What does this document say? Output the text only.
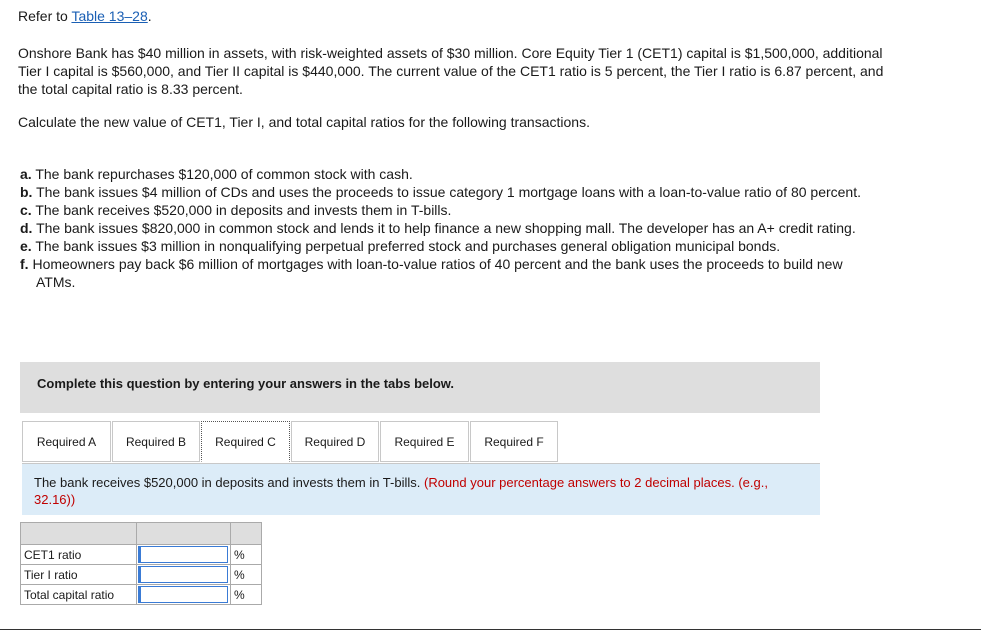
Refer to Table 13–28.

Onshore Bank has $40 million in assets, with risk-weighted assets of $30 million. Core Equity Tier 1 (CET1) capital is $1,500,000, additional Tier I capital is $560,000, and Tier II capital is $440,000. The current value of the CET1 ratio is 5 percent, the Tier I ratio is 6.87 percent, and the total capital ratio is 8.33 percent.

Calculate the new value of CET1, Tier I, and total capital ratios for the following transactions.

a. The bank repurchases $120,000 of common stock with cash.
b. The bank issues $4 million of CDs and uses the proceeds to issue category 1 mortgage loans with a loan-to-value ratio of 80 percent.
c. The bank receives $520,000 in deposits and invests them in T-bills.
d. The bank issues $820,000 in common stock and lends it to help finance a new shopping mall. The developer has an A+ credit rating.
e. The bank issues $3 million in nonqualifying perpetual preferred stock and purchases general obligation municipal bonds.
f. Homeowners pay back $6 million of mortgages with loan-to-value ratios of 40 percent and the bank uses the proceeds to build new ATMs.
Complete this question by entering your answers in the tabs below.
Required A	Required B	Required C	Required D	Required E	Required F
The bank receives $520,000 in deposits and invests them in T-bills. (Round your percentage answers to 2 decimal places. (e.g., 32.16))

CET1 ratio		%
Tier I ratio		%
Total capital ratio		%
